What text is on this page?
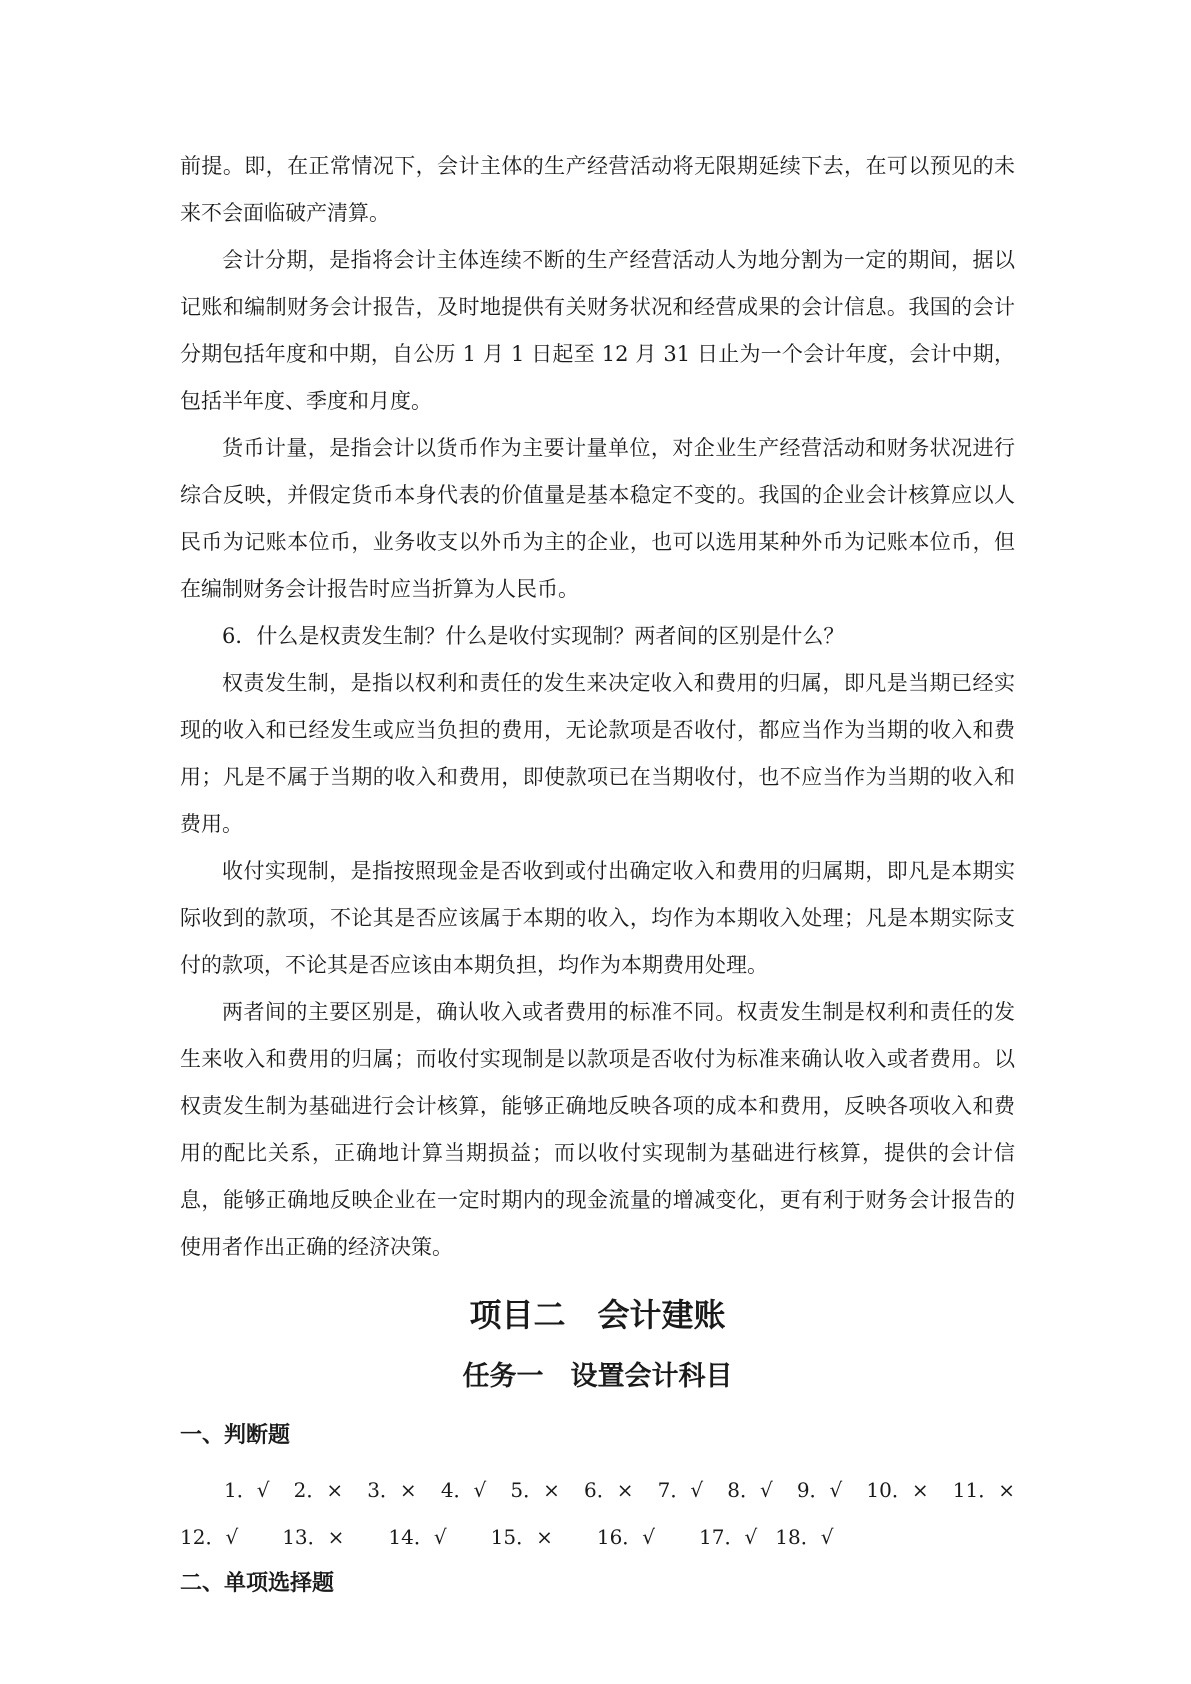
前提。即，在正常情况下，会计主体的生产经营活动将无限期延续下去，在可以预见的未来不会面临破产清算。

会计分期，是指将会计主体连续不断的生产经营活动人为地分割为一定的期间，据以记账和编制财务会计报告，及时地提供有关财务状况和经营成果的会计信息。我国的会计分期包括年度和中期，自公历 1 月 1 日起至 12 月 31 日止为一个会计年度，会计中期，包括半年度、季度和月度。

货币计量，是指会计以货币作为主要计量单位，对企业生产经营活动和财务状况进行综合反映，并假定货币本身代表的价值量是基本稳定不变的。我国的企业会计核算应以人民币为记账本位币，业务收支以外币为主的企业，也可以选用某种外币为记账本位币，但在编制财务会计报告时应当折算为人民币。

6．什么是权责发生制？什么是收付实现制？两者间的区别是什么？

权责发生制，是指以权利和责任的发生来决定收入和费用的归属，即凡是当期已经实现的收入和已经发生或应当负担的费用，无论款项是否收付，都应当作为当期的收入和费用；凡是不属于当期的收入和费用，即使款项已在当期收付，也不应当作为当期的收入和费用。

收付实现制，是指按照现金是否收到或付出确定收入和费用的归属期，即凡是本期实际收到的款项，不论其是否应该属于本期的收入，均作为本期收入处理；凡是本期实际支付的款项，不论其是否应该由本期负担，均作为本期费用处理。

两者间的主要区别是，确认收入或者费用的标准不同。权责发生制是权利和责任的发生来收入和费用的归属；而收付实现制是以款项是否收付为标准来确认收入或者费用。以权责发生制为基础进行会计核算，能够正确地反映各项的成本和费用，反映各项收入和费用的配比关系，正确地计算当期损益；而以收付实现制为基础进行核算，提供的会计信息，能够正确地反映企业在一定时期内的现金流量的增减变化，更有利于财务会计报告的使用者作出正确的经济决策。

项目二　会计建账
任务一　设置会计科目
一、判断题
1．√ 2．× 3．× 4．√ 5．× 6．× 7．√ 8．√ 9．√ 10．× 11．×
12．√ 13．× 14．√ 15．× 16．√ 17．√ 18．√
二、单项选择题
